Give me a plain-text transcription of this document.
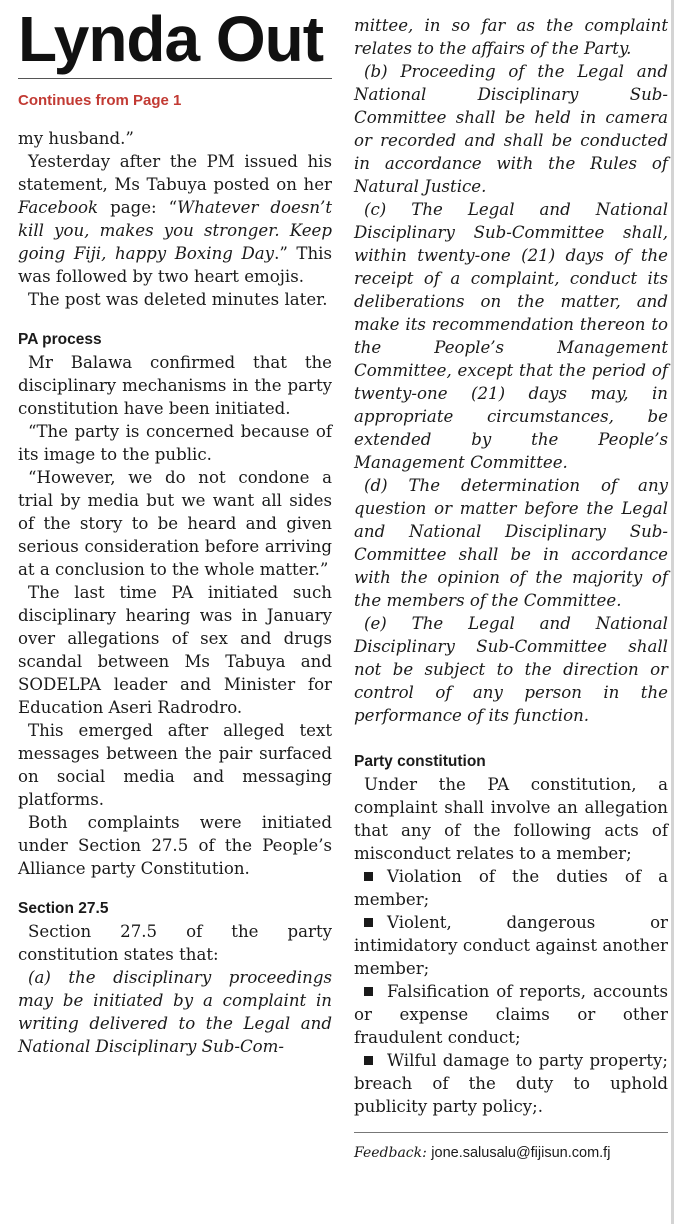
Lynda Out
Continues from Page 1

my husband.”

Yesterday after the PM issued his statement, Ms Tabuya posted on her Facebook page: “Whatever doesn’t kill you, makes you stronger. Keep going Fiji, happy Boxing Day.” This was followed by two heart emojis.

The post was deleted minutes later.

PA process

Mr Balawa confirmed that the disciplinary mechanisms in the party constitution have been initiated.

“The party is concerned because of its image to the public.

“However, we do not condone a trial by media but we want all sides of the story to be heard and given serious consideration before arriving at a conclusion to the whole matter.”

The last time PA initiated such disciplinary hearing was in January over allegations of sex and drugs scandal between Ms Tabuya and SODELPA leader and Minister for Education Aseri Radrodro.

This emerged after alleged text messages between the pair surfaced on social media and messaging platforms.

Both complaints were initiated under Section 27.5 of the People’s Alliance party Constitution.

Section 27.5

Section 27.5 of the party constitution states that:

(a) the disciplinary proceedings may be initiated by a complaint in writing delivered to the Legal and National Disciplinary Sub-Com-

mittee, in so far as the complaint relates to the affairs of the Party.

(b) Proceeding of the Legal and National Disciplinary Sub-Committee shall be held in camera or recorded and shall be conducted in accordance with the Rules of Natural Justice.

(c) The Legal and National Disciplinary Sub-Committee shall, within twenty-one (21) days of the receipt of a complaint, conduct its deliberations on the matter, and make its recommendation thereon to the People’s Management Committee, except that the period of twenty-one (21) days may, in appropriate circumstances, be extended by the People’s Management Committee.

(d) The determination of any question or matter before the Legal and National Disciplinary Sub-Committee shall be in accordance with the opinion of the majority of the members of the Committee.

(e) The Legal and National Disciplinary Sub-Committee shall not be subject to the direction or control of any person in the performance of its function.

Party constitution

Under the PA constitution, a complaint shall involve an allegation that any of the following acts of misconduct relates to a member;

Violation of the duties of a member;

Violent, dangerous or intimidatory conduct against another member;

Falsification of reports, accounts or expense claims or other fraudulent conduct;

Wilful damage to party property; breach of the duty to uphold publicity party policy;.

Feedback: jone.salusalu@fijisun.com.fj
